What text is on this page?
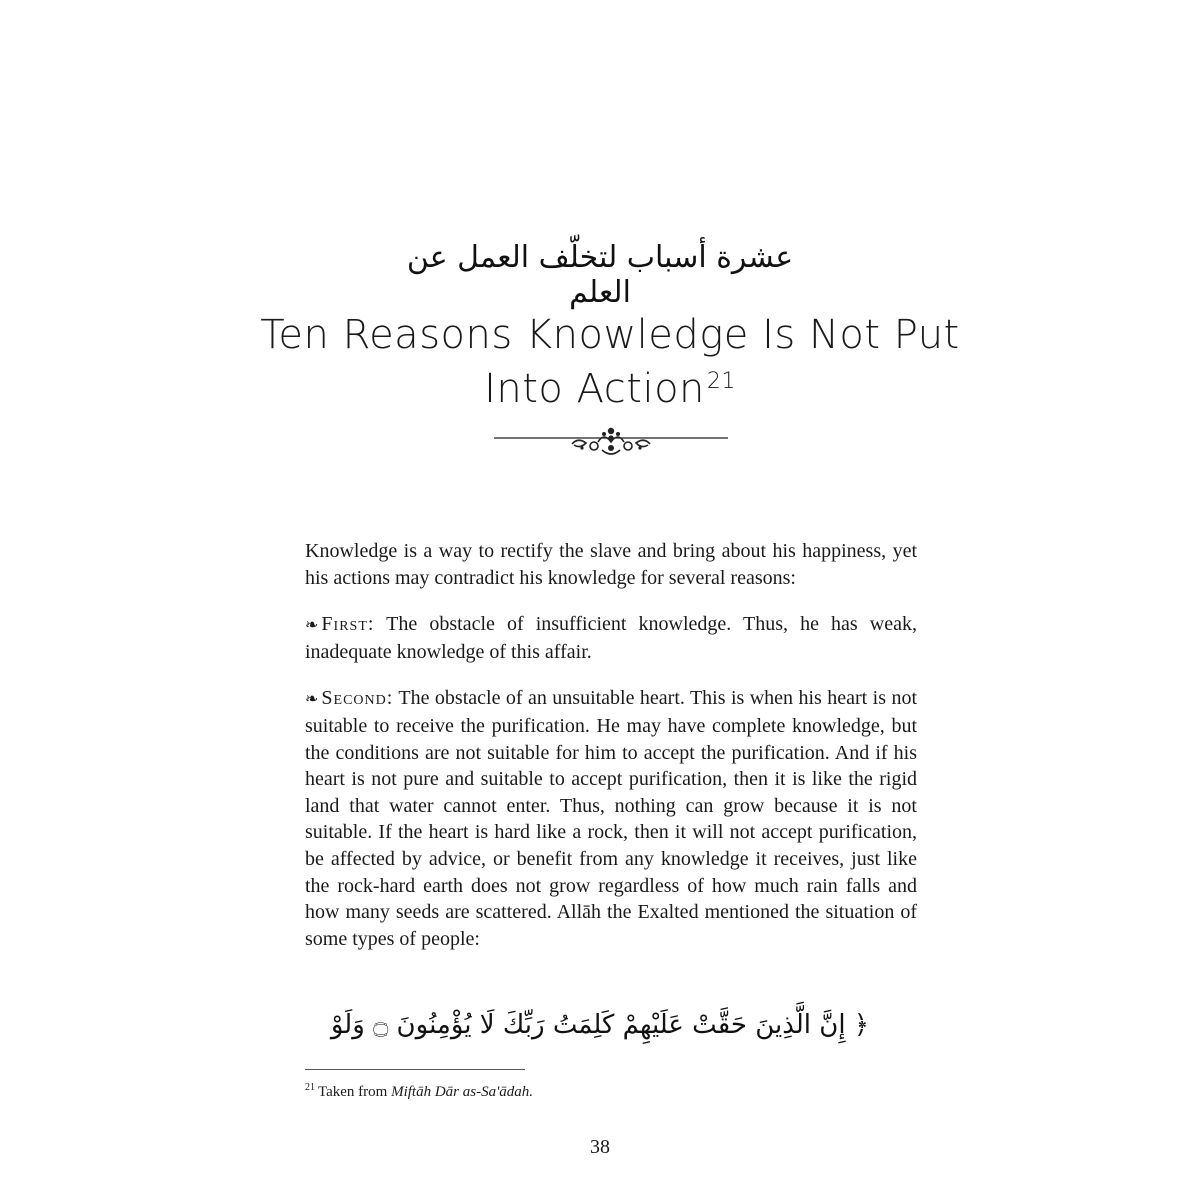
عشرة أسباب لتخلّف العمل عن العلم
Ten Reasons Knowledge Is Not Put Into Action$^{21}$

Knowledge is a way to rectify the slave and bring about his happiness, yet his actions may contradict his knowledge for several reasons:

❧ First: The obstacle of insufficient knowledge. Thus, he has weak, inadequate knowledge of this affair.

❧ Second: The obstacle of an unsuitable heart. This is when his heart is not suitable to receive the purification. He may have complete knowledge, but the conditions are not suitable for him to accept the purification. And if his heart is not pure and suitable to accept purification, then it is like the rigid land that water cannot enter. Thus, nothing can grow because it is not suitable. If the heart is hard like a rock, then it will not accept purification, be affected by advice, or benefit from any knowledge it receives, just like the rock-hard earth does not grow regardless of how much rain falls and how many seeds are scattered. Allāh the Exalted mentioned the situation of some types of people:

﴿ إِنَّ الَّذِينَ حَقَّتْ عَلَيْهِمْ كَلِمَتُ رَبِّكَ لَا يُؤْمِنُونَ ۝ وَلَوْ
$^{21}$ Taken from Miftāh Dār as-Sa'ādah.
38
